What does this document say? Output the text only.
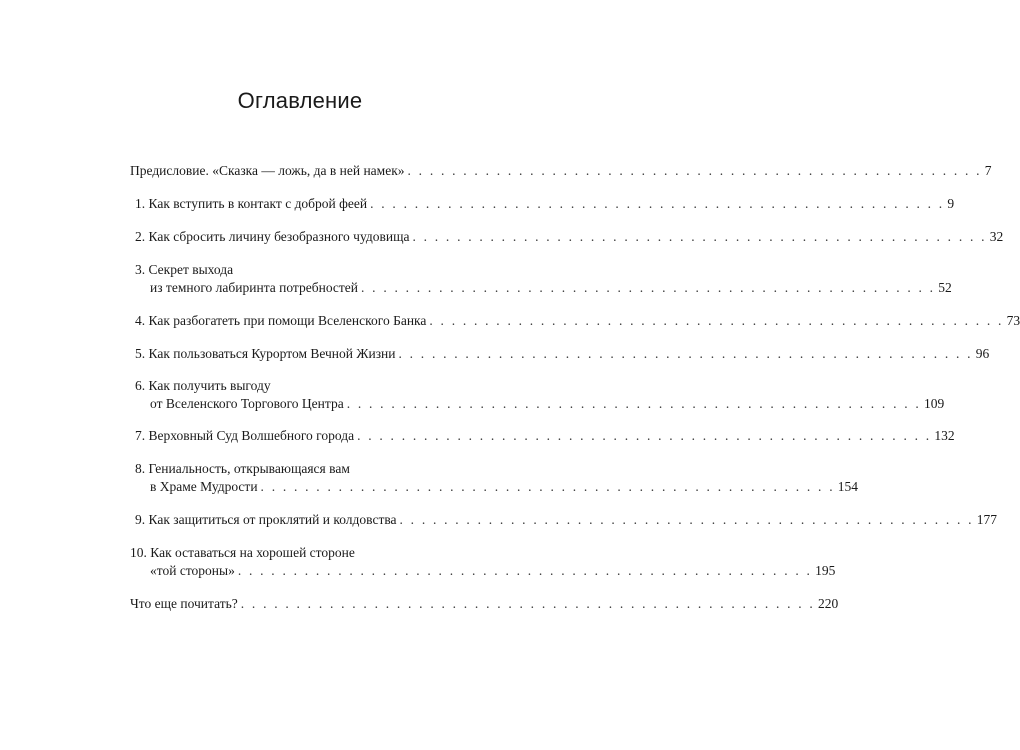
Оглавление
Предисловие. «Сказка — ложь, да в ней намек» . . . . . . . . . . . . . . . . . . . . . . . . . . . . . . . . . . . . . . . . . . . . . . . . . . . . 7
1. Как вступить в контакт с доброй феей . . . . . . . . . . . . . . . . . . . . . . . . . . . . . . . . . . . . . . . . . . . . . . . . . . . . 9
2. Как сбросить личину безобразного чудовища . . . . . . . . . . . . . . . . . . . . . . . . . . . . . . . . . . . . . . . . . . . . . . . . . . . . 32
3. Секрет выхода
из темного лабиринта потребностей . . . . . . . . . . . . . . . . . . . . . . . . . . . . . . . . . . . . . . . . . . . . . . . . . . . . 52
4. Как разбогатеть при помощи Вселенского Банка . . . . . . . . . . . . . . . . . . . . . . . . . . . . . . . . . . . . . . . . . . . . . . . . . . . . 73
5. Как пользоваться Курортом Вечной Жизни . . . . . . . . . . . . . . . . . . . . . . . . . . . . . . . . . . . . . . . . . . . . . . . . . . . . 96
6. Как получить выгоду
от Вселенского Торгового Центра . . . . . . . . . . . . . . . . . . . . . . . . . . . . . . . . . . . . . . . . . . . . . . . . . . . . 109
7. Верховный Суд Волшебного города . . . . . . . . . . . . . . . . . . . . . . . . . . . . . . . . . . . . . . . . . . . . . . . . . . . . 132
8. Гениальность, открывающаяся вам
в Храме Мудрости . . . . . . . . . . . . . . . . . . . . . . . . . . . . . . . . . . . . . . . . . . . . . . . . . . . . 154
9. Как защититься от проклятий и колдовства . . . . . . . . . . . . . . . . . . . . . . . . . . . . . . . . . . . . . . . . . . . . . . . . . . . . 177
10. Как оставаться на хорошей стороне
«той стороны» . . . . . . . . . . . . . . . . . . . . . . . . . . . . . . . . . . . . . . . . . . . . . . . . . . . . 195
Что еще почитать? . . . . . . . . . . . . . . . . . . . . . . . . . . . . . . . . . . . . . . . . . . . . . . . . . . . . 220
